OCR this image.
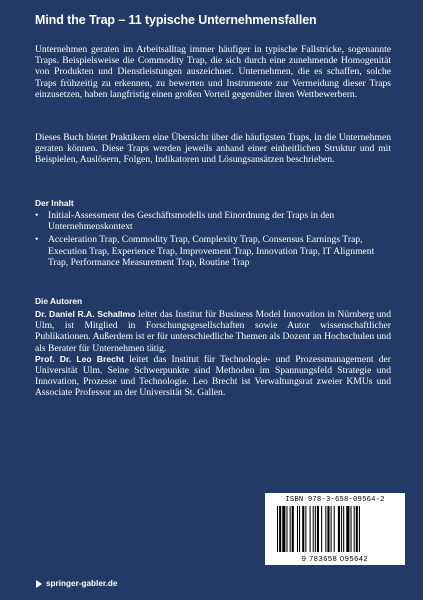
Mind the Trap – 11 typische Unternehmensfallen
Unternehmen geraten im Arbeitsalltag immer häufiger in typische Fallstricke, sogenannte Traps. Beispielsweise die Commodity Trap, die sich durch eine zunehmende Homogenität von Produkten und Dienstleistungen auszeichnet. Unternehmen, die es schaffen, solche Traps frühzeitig zu erkennen, zu bewerten und Instrumente zur Vermeidung dieser Traps einzusetzen, haben langfristig einen großen Vorteil gegenüber ihren Wettbewerbern.
Dieses Buch bietet Praktikern eine Übersicht über die häufigsten Traps, in die Unternehmen geraten können. Diese Traps werden jeweils anhand einer einheitlichen Struktur und mit Beispielen, Auslösern, Folgen, Indikatoren und Lösungsansätzen beschrieben.
Der Inhalt
• Initial-Assessment des Geschäftsmodells und Einordnung der Traps in den Unternehmenskontext
• Acceleration Trap, Commodity Trap, Complexity Trap, Consensus Earnings Trap, Execution Trap, Experience Trap, Improvement Trap, Innovation Trap, IT Alignment Trap, Performance Measurement Trap, Routine Trap
Die Autoren

Dr. Daniel R.A. Schallmo leitet das Institut für Business Model Innovation in Nürnberg und Ulm, ist Mitglied in Forschungsgesellschaften sowie Autor wissenschaftlicher Publikationen. Außerdem ist er für unterschiedliche Themen als Dozent an Hochschulen und als Berater für Unternehmen tätig.

Prof. Dr. Leo Brecht leitet das Institut für Technologie- und Prozessmanagement der Universität Ulm. Seine Schwerpunkte sind Methoden im Spannungsfeld Strategie und Innovation, Prozesse und Technologie. Leo Brecht ist Verwaltungsrat zweier KMUs und Associate Professor an der Universität St. Gallen.

ISBN 978-3-658-09564-2
9 783658 095642
springer-gabler.de
